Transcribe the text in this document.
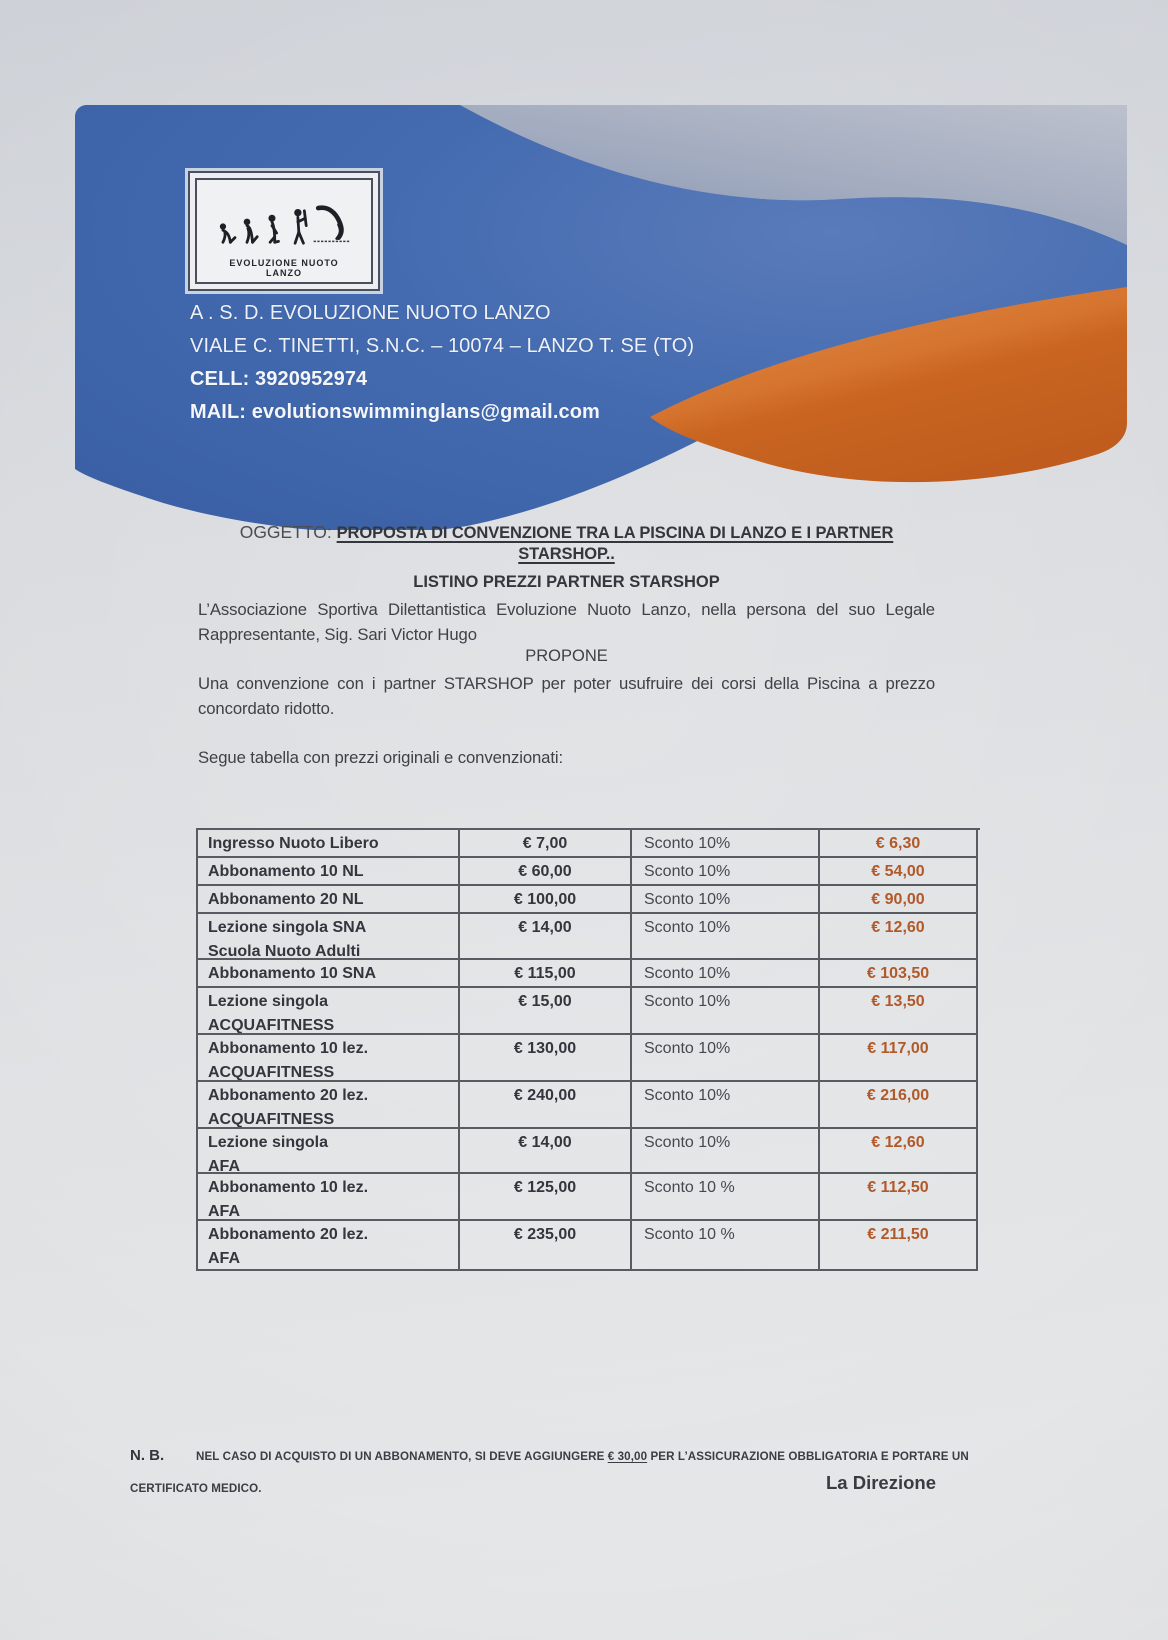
EVOLUZIONE NUOTO
LANZO
A . S. D. EVOLUZIONE NUOTO LANZO
VIALE C. TINETTI, S.N.C. – 10074 – LANZO T. SE (TO)
CELL: 3920952974
MAIL: evolutionswimminglans@gmail.com
OGGETTO: PROPOSTA DI CONVENZIONE TRA LA PISCINA DI LANZO E I PARTNER STARSHOP..
LISTINO PREZZI PARTNER STARSHOP
L’Associazione Sportiva Dilettantistica Evoluzione Nuoto Lanzo, nella persona del suo Legale
Rappresentante, Sig. Sari Victor Hugo
PROPONE
Una convenzione con i partner STARSHOP per poter usufruire dei corsi della Piscina a prezzo
concordato ridotto.
Segue tabella con prezzi originali e convenzionati:
Ingresso Nuoto Libero	€ 7,00	Sconto 10%	€ 6,30
Abbonamento 10 NL	€ 60,00	Sconto 10%	€ 54,00
Abbonamento 20 NL	€ 100,00	Sconto 10%	€ 90,00
Lezione singola SNA
Scuola Nuoto Adulti
€ 14,00	Sconto 10%	€ 12,60
Abbonamento 10 SNA	€ 115,00	Sconto 10%	€ 103,50
Lezione singola
ACQUAFITNESS
€ 15,00	Sconto 10%	€ 13,50
Abbonamento 10 lez.
ACQUAFITNESS
€ 130,00	Sconto 10%	€ 117,00
Abbonamento 20 lez.
ACQUAFITNESS
€ 240,00	Sconto 10%	€ 216,00
Lezione singola
AFA
€ 14,00	Sconto 10%	€ 12,60
Abbonamento 10 lez.
AFA
€ 125,00	Sconto 10 %	€ 112,50
Abbonamento 20 lez.
AFA
€ 235,00	Sconto 10 %	€ 211,50
N. B.	NEL CASO DI ACQUISTO DI UN ABBONAMENTO, SI DEVE AGGIUNGERE € 30,00 PER L’ASSICURAZIONE OBBLIGATORIA E PORTARE UN
CERTIFICATO MEDICO.	La Direzione
